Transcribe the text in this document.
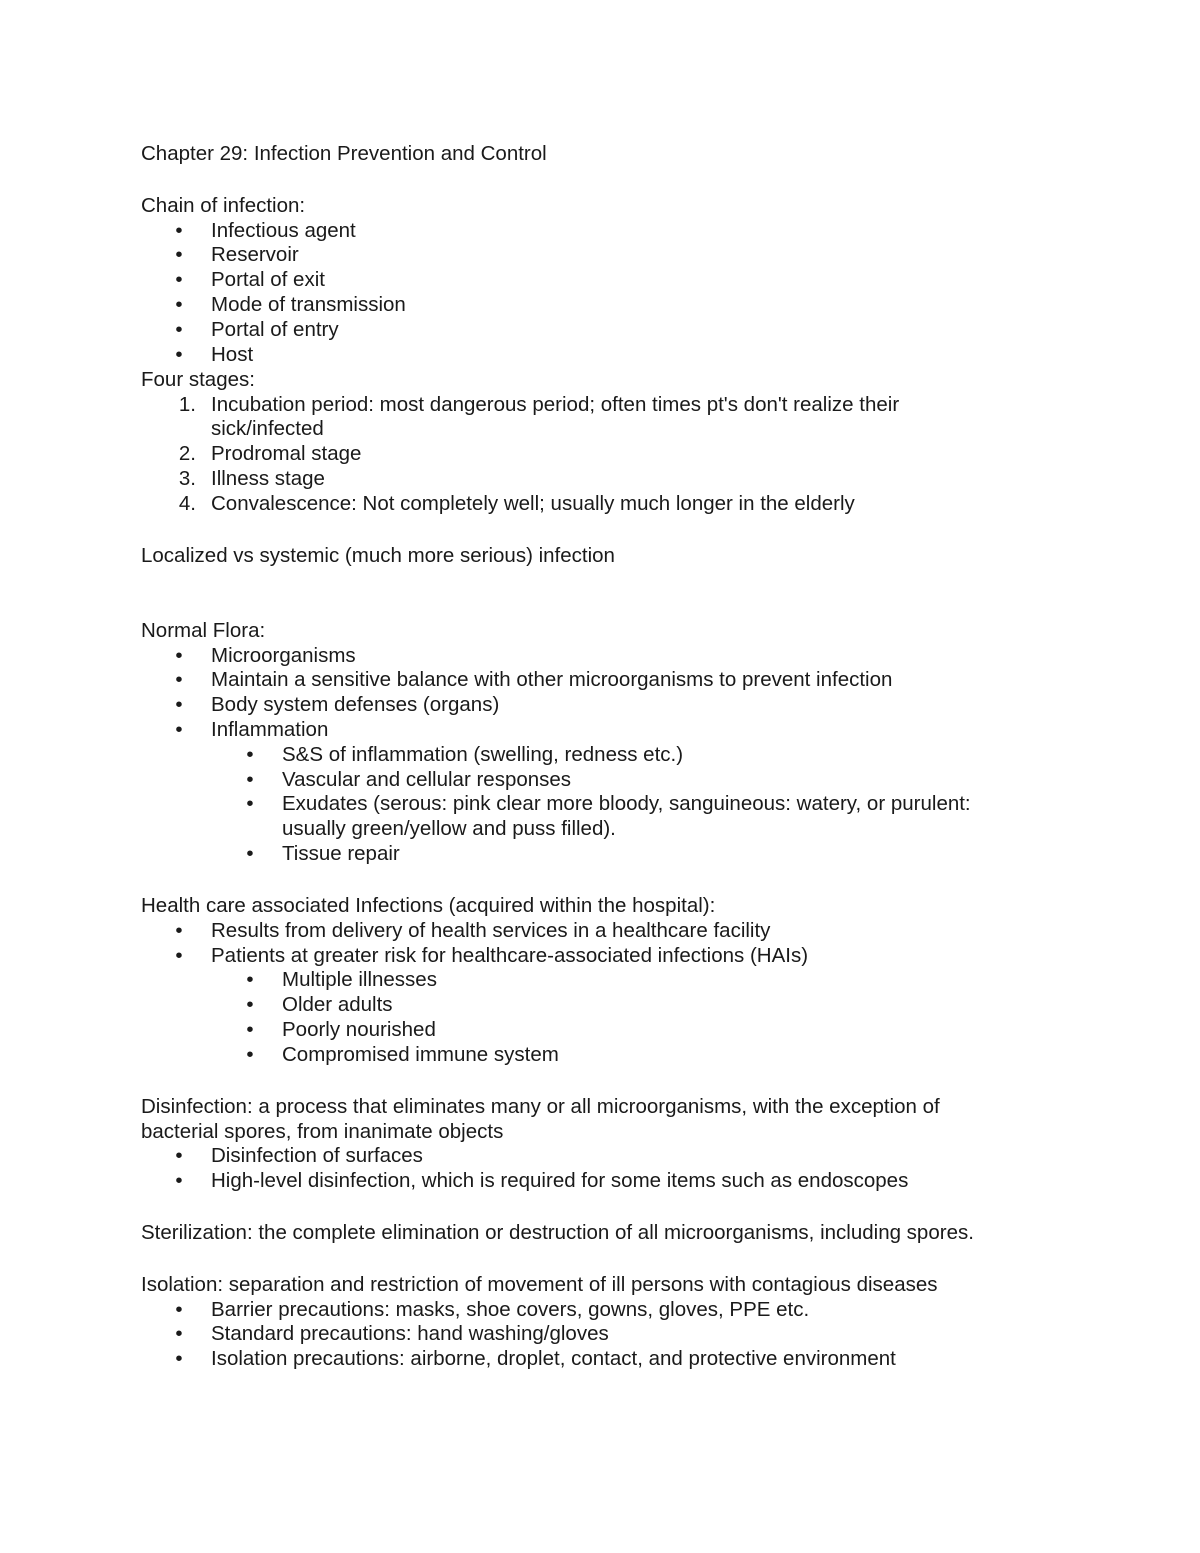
Chapter 29: Infection Prevention and Control
Chain of infection:
• Infectious agent
• Reservoir
• Portal of exit
• Mode of transmission
• Portal of entry
• Host
Four stages:
1. Incubation period: most dangerous period; often times pt's don't realize their
sick/infected
2. Prodromal stage
3. Illness stage
4. Convalescence: Not completely well; usually much longer in the elderly
Localized vs systemic (much more serious) infection
Normal Flora:
• Microorganisms
• Maintain a sensitive balance with other microorganisms to prevent infection
• Body system defenses (organs)
• Inflammation
• S&S of inflammation (swelling, redness etc.)
• Vascular and cellular responses
• Exudates (serous: pink clear more bloody, sanguineous: watery, or purulent:
usually green/yellow and puss filled).
• Tissue repair
Health care associated Infections (acquired within the hospital):
• Results from delivery of health services in a healthcare facility
• Patients at greater risk for healthcare-associated infections (HAIs)
• Multiple illnesses
• Older adults
• Poorly nourished
• Compromised immune system
Disinfection: a process that eliminates many or all microorganisms, with the exception of
bacterial spores, from inanimate objects
• Disinfection of surfaces
• High-level disinfection, which is required for some items such as endoscopes
Sterilization: the complete elimination or destruction of all microorganisms, including spores.
Isolation: separation and restriction of movement of ill persons with contagious diseases
• Barrier precautions: masks, shoe covers, gowns, gloves, PPE etc.
• Standard precautions: hand washing/gloves
• Isolation precautions: airborne, droplet, contact, and protective environment
